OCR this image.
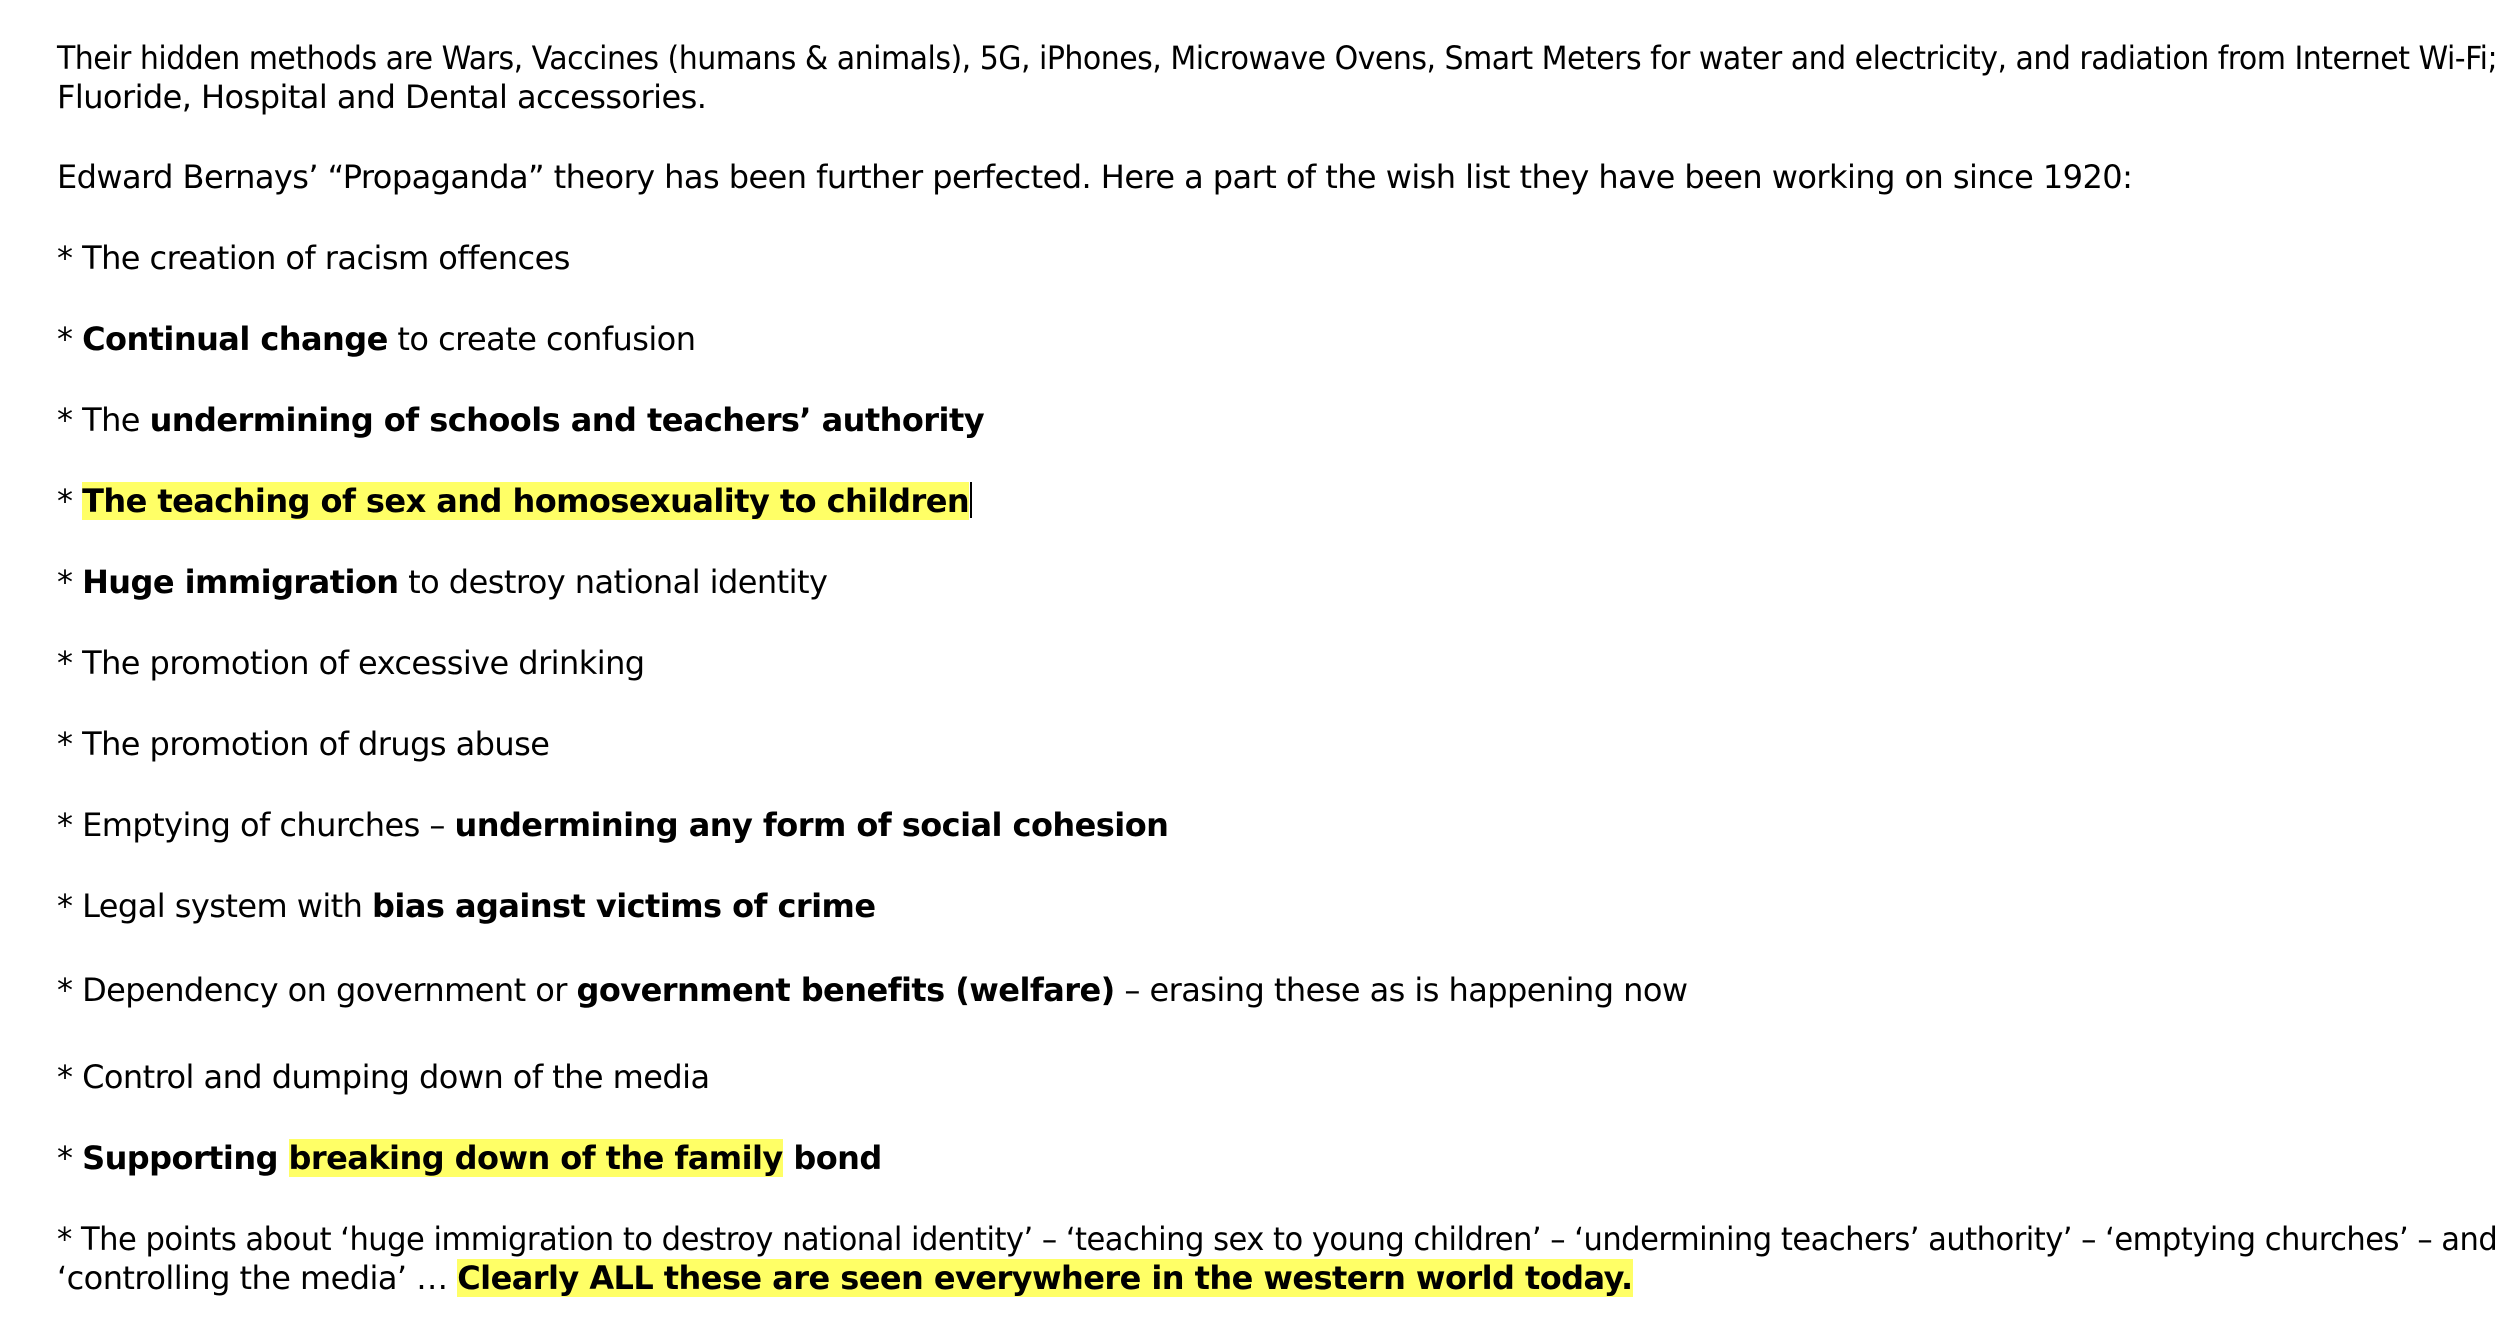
Their hidden methods are Wars, Vaccines (humans & animals), 5G, iPhones, Microwave Ovens, Smart Meters for water and electricity, and radiation from Internet Wi-Fi;
Fluoride, Hospital and Dental accessories.
Edward Bernays’ “Propaganda” theory has been further perfected. Here a part of the wish list they have been working on since 1920:
* The creation of racism offences
* Continual change to create confusion
* The undermining of schools and teachers’ authority
* The teaching of sex and homosexuality to children
* Huge immigration to destroy national identity
* The promotion of excessive drinking
* The promotion of drugs abuse
* Emptying of churches – undermining any form of social cohesion
* Legal system with bias against victims of crime
* Dependency on government or government benefits (welfare) – erasing these as is happening now
* Control and dumping down of the media
* Supporting breaking down of the family bond
* The points about ‘huge immigration to destroy national identity’ – ‘teaching sex to young children’ – ‘undermining teachers’ authority’ – ‘emptying churches’ – and
‘controlling the media’ … Clearly ALL these are seen everywhere in the western world today.
